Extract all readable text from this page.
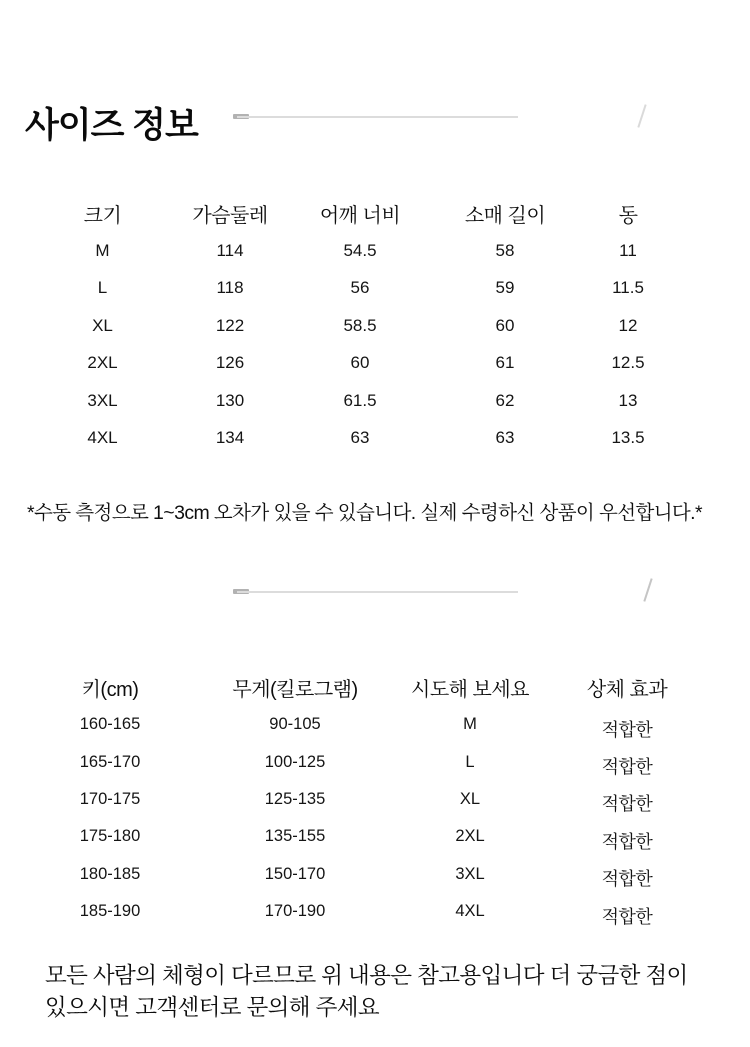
사이즈 정보
크기	가슴둘레	어깨 너비	소매 길이	동
M	114	54.5	58	11
L	118	56	59	11.5
XL	122	58.5	60	12
2XL	126	60	61	12.5
3XL	130	61.5	62	13
4XL	134	63	63	13.5

*수동 측정으로 1~3cm 오차가 있을 수 있습니다. 실제 수령하신 상품이 우선합니다.*

키(cm)	무게(킬로그램)	시도해 보세요	상체 효과
160-165	90-105	M	적합한
165-170	100-125	L	적합한
170-175	125-135	XL	적합한
175-180	135-155	2XL	적합한
180-185	150-170	3XL	적합한
185-190	170-190	4XL	적합한

모든 사람의 체형이 다르므로 위 내용은 참고용입니다 더 궁금한 점이
있으시면 고객센터로 문의해 주세요
